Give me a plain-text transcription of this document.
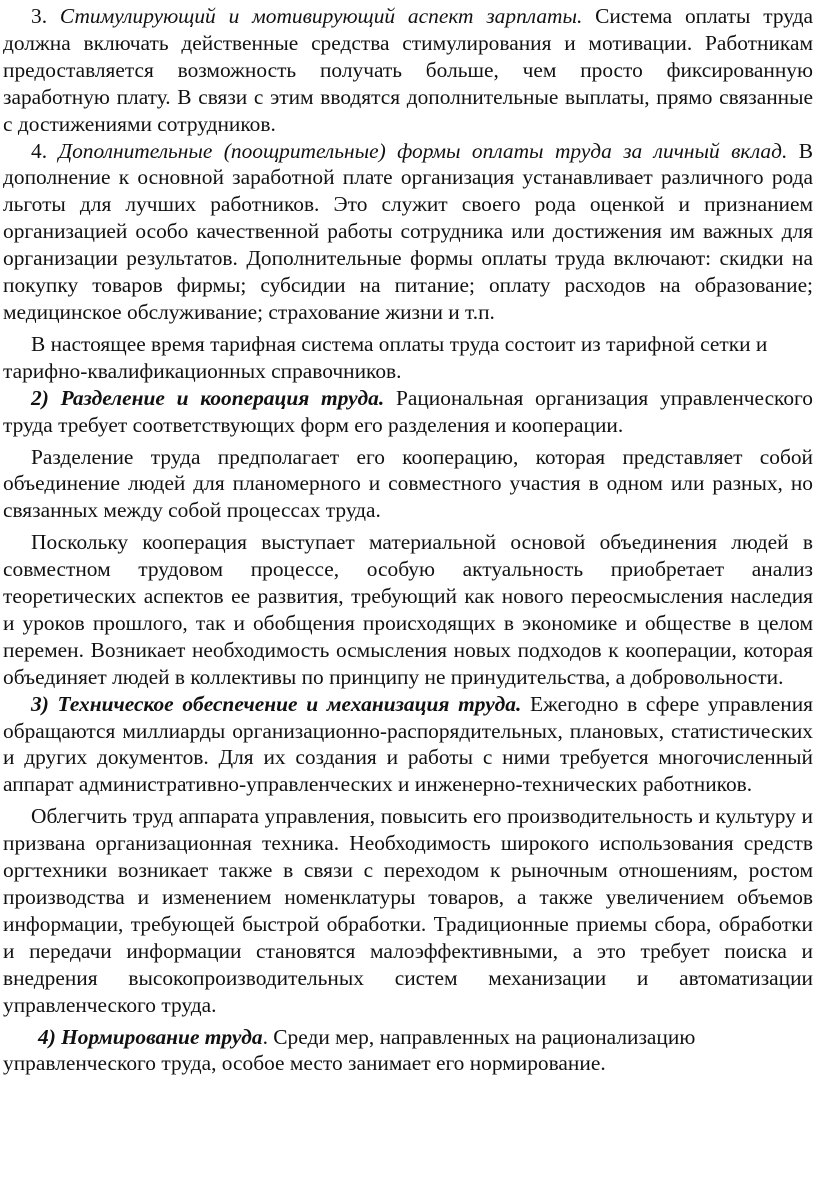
3. Стимулирующий и мотивирующий аспект зарплаты. Система оплаты труда должна включать действенные средства стимулирования и мотивации. Работникам предоставляется возможность получать больше, чем просто фиксированную заработную плату. В связи с этим вводятся дополнительные выплаты, прямо связанные с достижениями сотрудников.

4. Дополнительные (поощрительные) формы оплаты труда за личный вклад. В дополнение к основной заработной плате организация устанавливает различного рода льготы для лучших работников. Это служит своего рода оценкой и признанием организацией особо качественной работы сотрудника или достижения им важных для организации результатов. Дополнительные формы оплаты труда включают: скидки на покупку товаров фирмы; субсидии на питание; оплату расходов на образование; медицинское обслуживание; страхование жизни и т.п.

В настоящее время тарифная система оплаты труда состоит из тарифной сетки и тарифно-квалификационных справочников.

2) Разделение и кооперация труда. Рациональная организация управленческого труда требует соответствующих форм его разделения и кооперации.

Разделение труда предполагает его кооперацию, которая представляет собой объединение людей для планомерного и совместного участия в одном или разных, но связанных между собой процессах труда.

Поскольку кооперация выступает материальной основой объединения людей в совместном трудовом процессе, особую актуальность приобретает анализ теоретических аспектов ее развития, требующий как нового переосмысления наследия и уроков прошлого, так и обобщения происходящих в экономике и обществе в целом перемен. Возникает необходимость осмысления новых подходов к кооперации, которая объединяет людей в коллективы по принципу не принудительства, а добровольности.

3) Техническое обеспечение и механизация труда. Ежегодно в сфере управления обращаются миллиарды организационно-распорядительных, плановых, статистических и других документов. Для их создания и работы с ними требуется многочисленный аппарат административно-управленческих и инженерно-технических работников.

Облегчить труд аппарата управления, повысить его производительность и культуру и призвана организационная техника. Необходимость широкого использования средств оргтехники возникает также в связи с переходом к рыночным отношениям, ростом производства и изменением номенклатуры товаров, а также увеличением объемов информации, требующей быстрой обработки. Традиционные приемы сбора, обработки и передачи информации становятся малоэффективными, а это требует поиска и внедрения высокопроизводительных систем механизации и автоматизации управленческого труда.

4) Нормирование труда. Среди мер, направленных на рационализацию управленческого труда, особое место занимает его нормирование.
